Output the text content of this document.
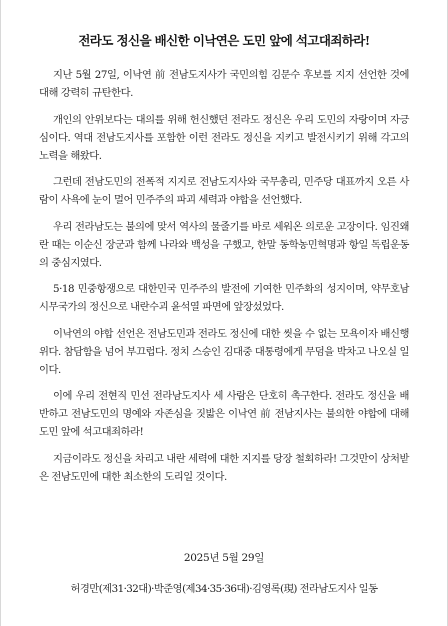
전라도 정신을 배신한 이낙연은 도민 앞에 석고대죄하라!

지난 5월 27일, 이낙연 前 전남도지사가 국민의힘 김문수 후보를 지지 선언한 것에 대해 강력히 규탄한다.

개인의 안위보다는 대의를 위해 헌신했던 전라도 정신은 우리 도민의 자랑이며 자긍심이다. 역대 전남도지사를 포함한 이런 전라도 정신을 지키고 발전시키기 위해 각고의 노력을 해왔다.

그런데 전남도민의 전폭적 지지로 전남도지사와 국무총리, 민주당 대표까지 오른 사람이 사욕에 눈이 멀어 민주주의 파괴 세력과 야합을 선언했다.

우리 전라남도는 불의에 맞서 역사의 물줄기를 바로 세워온 의로운 고장이다. 임진왜란 때는 이순신 장군과 함께 나라와 백성을 구했고, 한말 동학농민혁명과 항일 독립운동의 중심지였다.

5·18 민중항쟁으로 대한민국 민주주의 발전에 기여한 민주화의 성지이며, 약무호남 시무국가의 정신으로 내란수괴 윤석열 파면에 앞장섰었다.

이낙연의 야합 선언은 전남도민과 전라도 정신에 대한 씻을 수 없는 모욕이자 배신행위다. 참담함을 넘어 부끄럽다. 정치 스승인 김대중 대통령에게 무덤을 박차고 나오실 일이다.

이에 우리 전현직 민선 전라남도지사 세 사람은 단호히 촉구한다. 전라도 정신을 배반하고 전남도민의 명예와 자존심을 짓밟은 이낙연 前 전남지사는 불의한 야합에 대해 도민 앞에 석고대죄하라!

지금이라도 정신을 차리고 내란 세력에 대한 지지를 당장 철회하라! 그것만이 상처받은 전남도민에 대한 최소한의 도리일 것이다.

2025년 5월 29일
허경만(제31·32대)·박준영(제34·35·36대)·김영록(現) 전라남도지사 일동
